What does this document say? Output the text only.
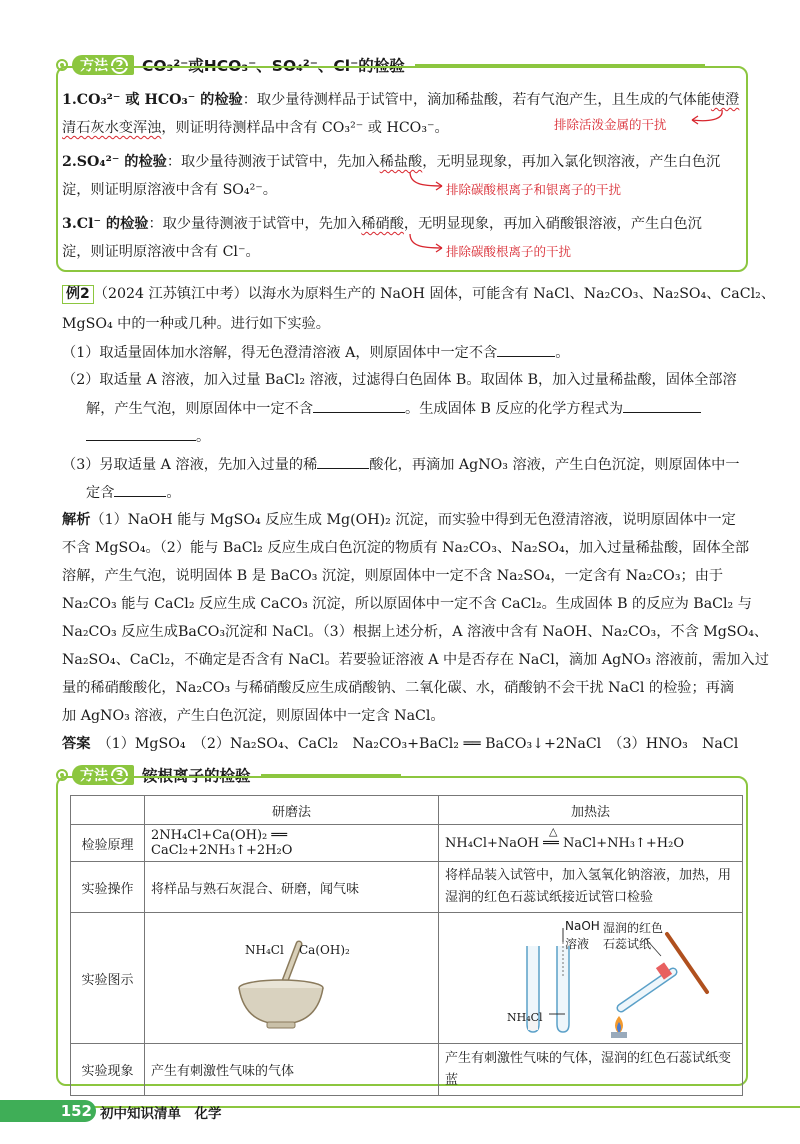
方法 2 CO₃²⁻或HCO₃⁻、SO₄²⁻、Cl⁻的检验
1.CO₃²⁻ 或 HCO₃⁻ 的检验：取少量待测样品于试管中，滴加稀盐酸，若有气泡产生，且生成的气体能使澄
清石灰水变浑浊，则证明待测样品中含有 CO₃²⁻ 或 HCO₃⁻。	排除活泼金属的干扰
2.SO₄²⁻ 的检验：取少量待测液于试管中，先加入稀盐酸，无明显现象，再加入氯化钡溶液，产生白色沉
淀，则证明原溶液中含有 SO₄²⁻。	排除碳酸根离子和银离子的干扰
3.Cl⁻ 的检验：取少量待测液于试管中，先加入稀硝酸，无明显现象，再加入硝酸银溶液，产生白色沉
淀，则证明原溶液中含有 Cl⁻。	排除碳酸根离子的干扰
例2 （2024 江苏镇江中考）以海水为原料生产的 NaOH 固体，可能含有 NaCl、Na₂CO₃、Na₂SO₄、CaCl₂、
MgSO₄ 中的一种或几种。进行如下实验。
（1）取适量固体加水溶解，得无色澄清溶液 A，则原固体中一定不含	。
（2）取适量 A 溶液，加入过量 BaCl₂ 溶液，过滤得白色固体 B。取固体 B，加入过量稀盐酸，固体全部溶
解，产生气泡，则原固体中一定不含	。生成固体 B 反应的化学方程式为
。
（3）另取适量 A 溶液，先加入过量的稀	酸化，再滴加 AgNO₃ 溶液，产生白色沉淀，则原固体中一
定含	。
解析（1）NaOH 能与 MgSO₄ 反应生成 Mg(OH)₂ 沉淀，而实验中得到无色澄清溶液，说明原固体中一定
不含 MgSO₄。（2）能与 BaCl₂ 反应生成白色沉淀的物质有 Na₂CO₃、Na₂SO₄，加入过量稀盐酸，固体全部
溶解，产生气泡，说明固体 B 是 BaCO₃ 沉淀，则原固体中一定不含 Na₂SO₄，一定含有 Na₂CO₃；由于
Na₂CO₃ 能与 CaCl₂ 反应生成 CaCO₃ 沉淀，所以原固体中一定不含 CaCl₂。生成固体 B 的反应为 BaCl₂ 与
Na₂CO₃ 反应生成BaCO₃沉淀和 NaCl。（3）根据上述分析，A 溶液中含有 NaOH、Na₂CO₃，不含 MgSO₄、
Na₂SO₄、CaCl₂，不确定是否含有 NaCl。若要验证溶液 A 中是否存在 NaCl，滴加 AgNO₃ 溶液前，需加入过
量的稀硝酸酸化，Na₂CO₃ 与稀硝酸反应生成硝酸钠、二氧化碳、水，硝酸钠不会干扰 NaCl 的检验；再滴
加 AgNO₃ 溶液，产生白色沉淀，则原固体中一定含 NaCl。
答案　 （1）MgSO₄　（2）Na₂SO₄、CaCl₂　Na₂CO₃+BaCl₂ ══ BaCO₃↓+2NaCl　（3）HNO₃　NaCl
方法 3 铵根离子的检验
	研磨法	加热法
检验原理	2NH₄Cl+Ca(OH)₂ ══ CaCl₂+2NH₃↑+2H₂O	NH₄Cl+NaOH ══ NaCl+NH₃↑+H₂O
△

实验操作	将样品与熟石灰混合、研磨，闻气味	将样品装入试管中，加入氢氧化钠溶液，加热，用湿润的红色石蕊试纸接近试管口检验
实验图示	NH₄Cl Ca(OH)₂	NaOH
溶液
湿润的红色
石蕊试纸
NH₄Cl

实验现象	产生有刺激性气味的气体	产生有刺激性气味的气体，湿润的红色石蕊试纸变蓝
152 初中知识清单　化学
